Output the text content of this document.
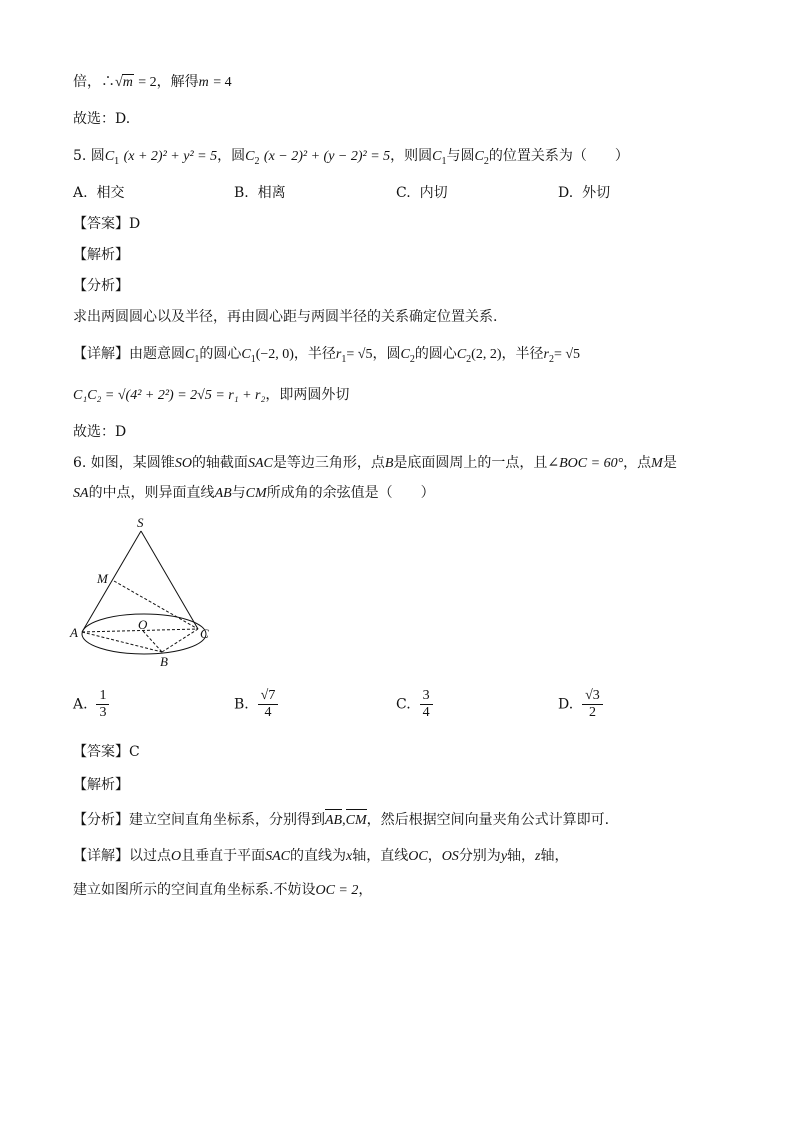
倍，∴√m = 2，解得m = 4
故选：D.
5. 圆$C_1$ (x + 2)² + y² = 5，圆$C_2$ (x − 2)² + (y − 2)² = 5，则圆$C_1$与圆$C_2$的位置关系为（　　）
A. 相交	B. 相离	C. 内切	D. 外切
【答案】D
【解析】
【分析】
求出两圆圆心以及半径，再由圆心距与两圆半径的关系确定位置关系.
【详解】由题意圆$C_1$的圆心$C_1(-2$, 0)，半径$r_1= √5$，圆$C_2$的圆心$C_2(2$, 2)，半径$r_2= √5$
C₁C₂ = √(4² + 2²) = 2√5 = r₁ + r₂，即两圆外切
故选：D
6. 如图，某圆锥SO的轴截面SAC是等边三角形，点B是底面圆周上的一点，且∠BOC = 60°，点M是
SA的中点，则异面直线AB与CM所成角的余弦值是（　　）
S
M
A
O
C
B
A. $\frac{1}{3}$	B. $\frac{√7}{4}$	C. $\frac{3}{4}$	D. $\frac{√3}{2}$
【答案】C
【解析】
【分析】建立空间直角坐标系，分别得到AB,CM，然后根据空间向量夹角公式计算即可.
【详解】以过点O且垂直于平面SAC的直线为x轴，直线OC，OS分别为y轴，z轴，
建立如图所示的空间直角坐标系.不妨设OC = 2，
